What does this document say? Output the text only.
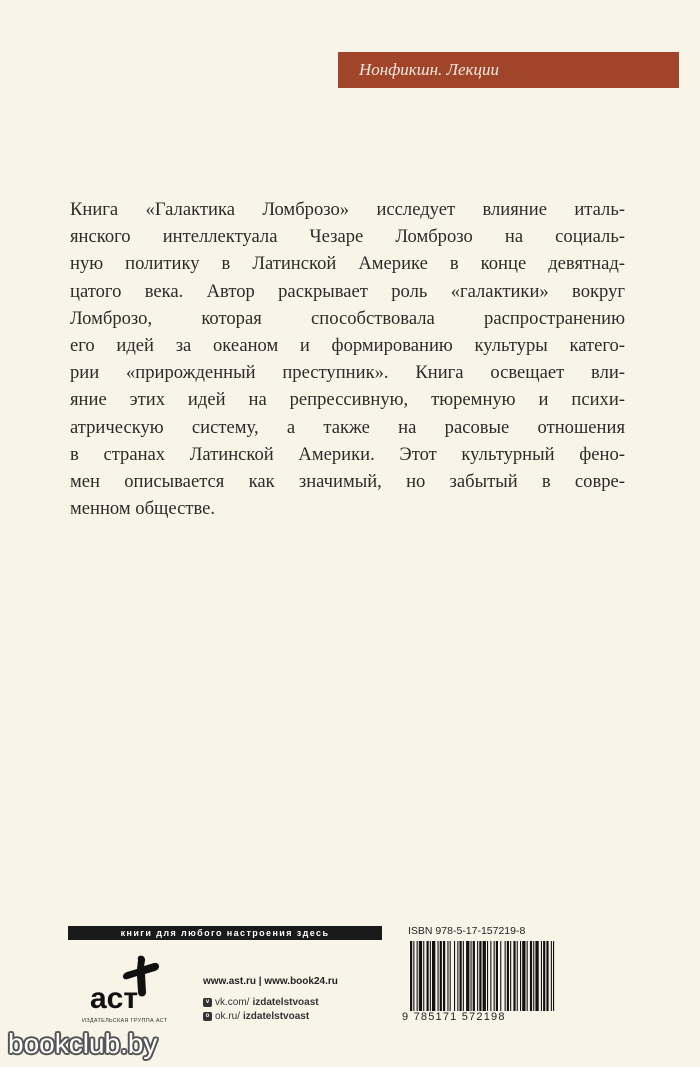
Нонфикшн. Лекции
Книга «Галактика Ломброзо» исследует влияние италь-
янского интеллектуала Чезаре Ломброзо на социаль-
ную политику в Латинской Америке в конце девятнад-
цатого века. Автор раскрывает роль «галактики» вокруг
Ломброзо, которая способствовала распространению
его идей за океаном и формированию культуры катего-
рии «прирожденный преступник». Книга освещает вли-
яние этих идей на репрессивную, тюремную и психи-
атрическую систему, а также на расовые отношения
в странах Латинской Америки. Этот культурный фено-
мен описывается как значимый, но забытый в совре-
менном обществе.
книги для любого настроения здесь
aст
ИЗДАТЕЛЬСКАЯ ГРУППА АСТ
www.ast.ru | www.book24.ru
v vk.com/ izdatelstvoast
o ok.ru/ izdatelstvoast
ISBN 978-5-17-157219-8
9 785171 572198
bookclub.by
